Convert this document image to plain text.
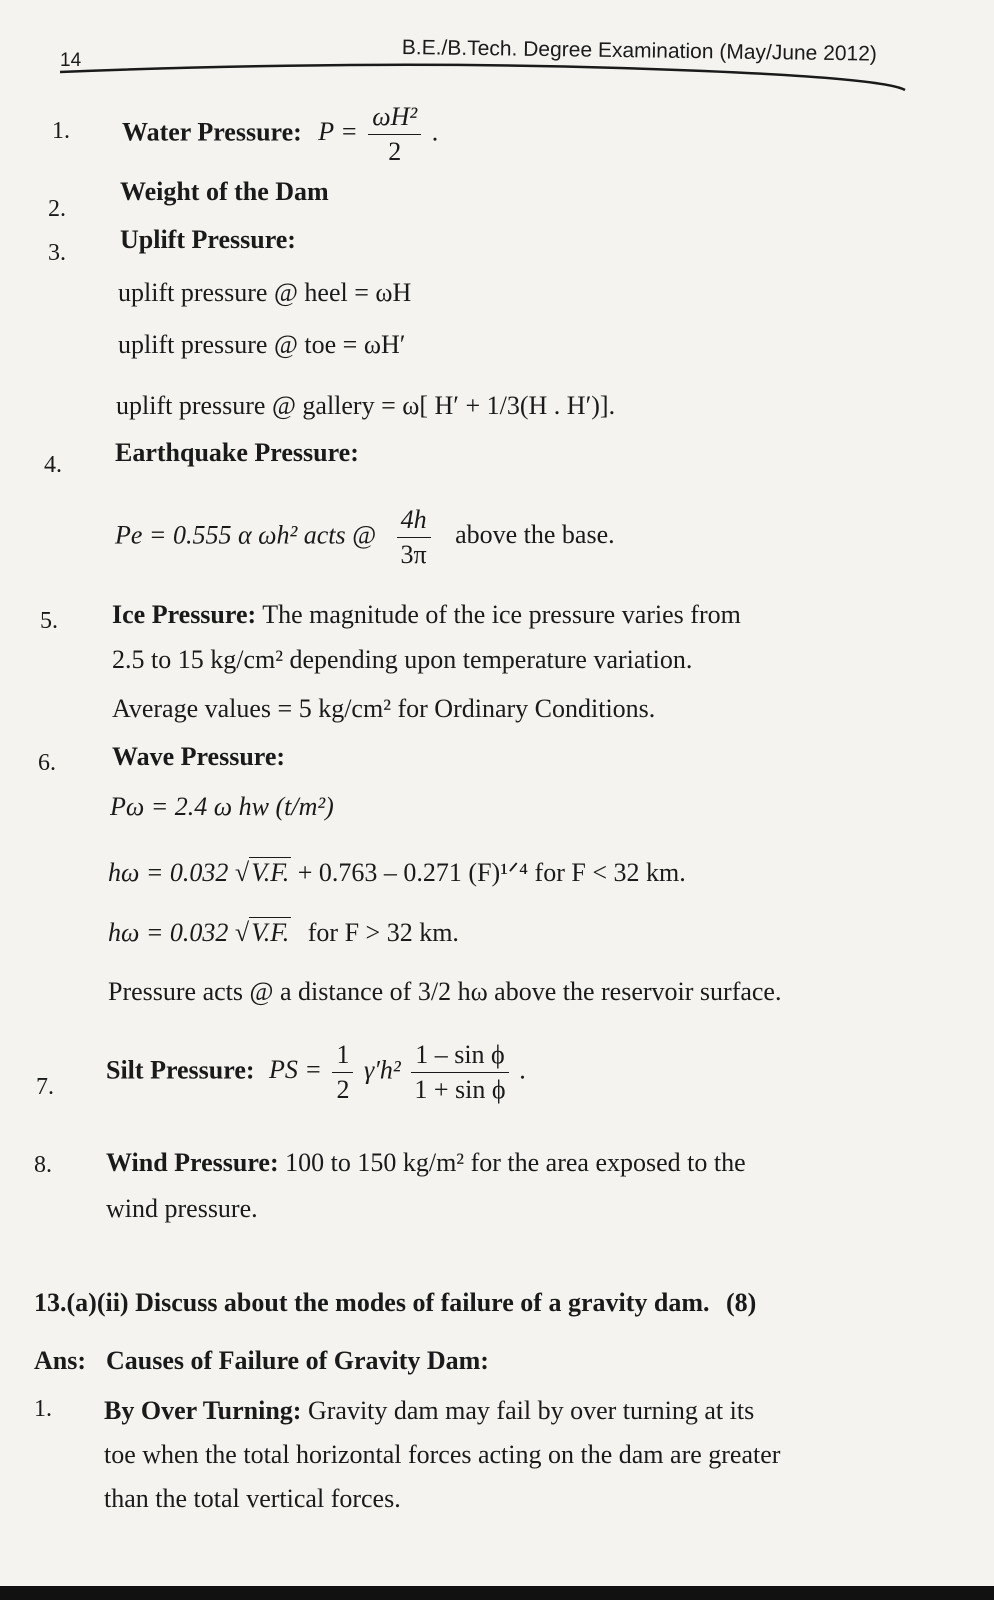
14	B.E./B.Tech. Degree Examination (May/June 2012)
1. Water Pressure: $P = \frac{\text{ωH²}}{2}$ .
2.
Weight of the Dam
3. Uplift Pressure:
uplift pressure @ heel = ωH
uplift pressure @ toe = ωH′
uplift pressure @ gallery = ω[ H′ + 1/3(H . H′)].
4. Earthquake Pressure:
Pe = 0.555 α ωh² acts @ $\frac{4h}{3\pi}$ above the base.
5. Ice Pressure: The magnitude of the ice pressure varies from
2.5 to 15 kg/cm² depending upon temperature variation.
Average values = 5 kg/cm² for Ordinary Conditions.
6. Wave Pressure:
Pω = 2.4 ω hw (t/m²)
hω = 0.032 √V.F. + 0.763 – 0.271 (F)¹ᐟ⁴ for F < 32 km.
hω = 0.032 √V.F. for F > 32 km.
Pressure acts @ a distance of 3/2 hω above the reservoir surface.
7.
Silt Pressure: PS = $\frac{1}{2} \gamma'h^2 \frac{\text{1 – sin ϕ}}{\text{1 + sin ϕ}}$ .
8. Wind Pressure: 100 to 150 kg/m² for the area exposed to the
wind pressure.
13.(a)(ii) Discuss about the modes of failure of a gravity dam. (8)
Ans: Causes of Failure of Gravity Dam:
1. By Over Turning: Gravity dam may fail by over turning at its
toe when the total horizontal forces acting on the dam are greater
than the total vertical forces.
